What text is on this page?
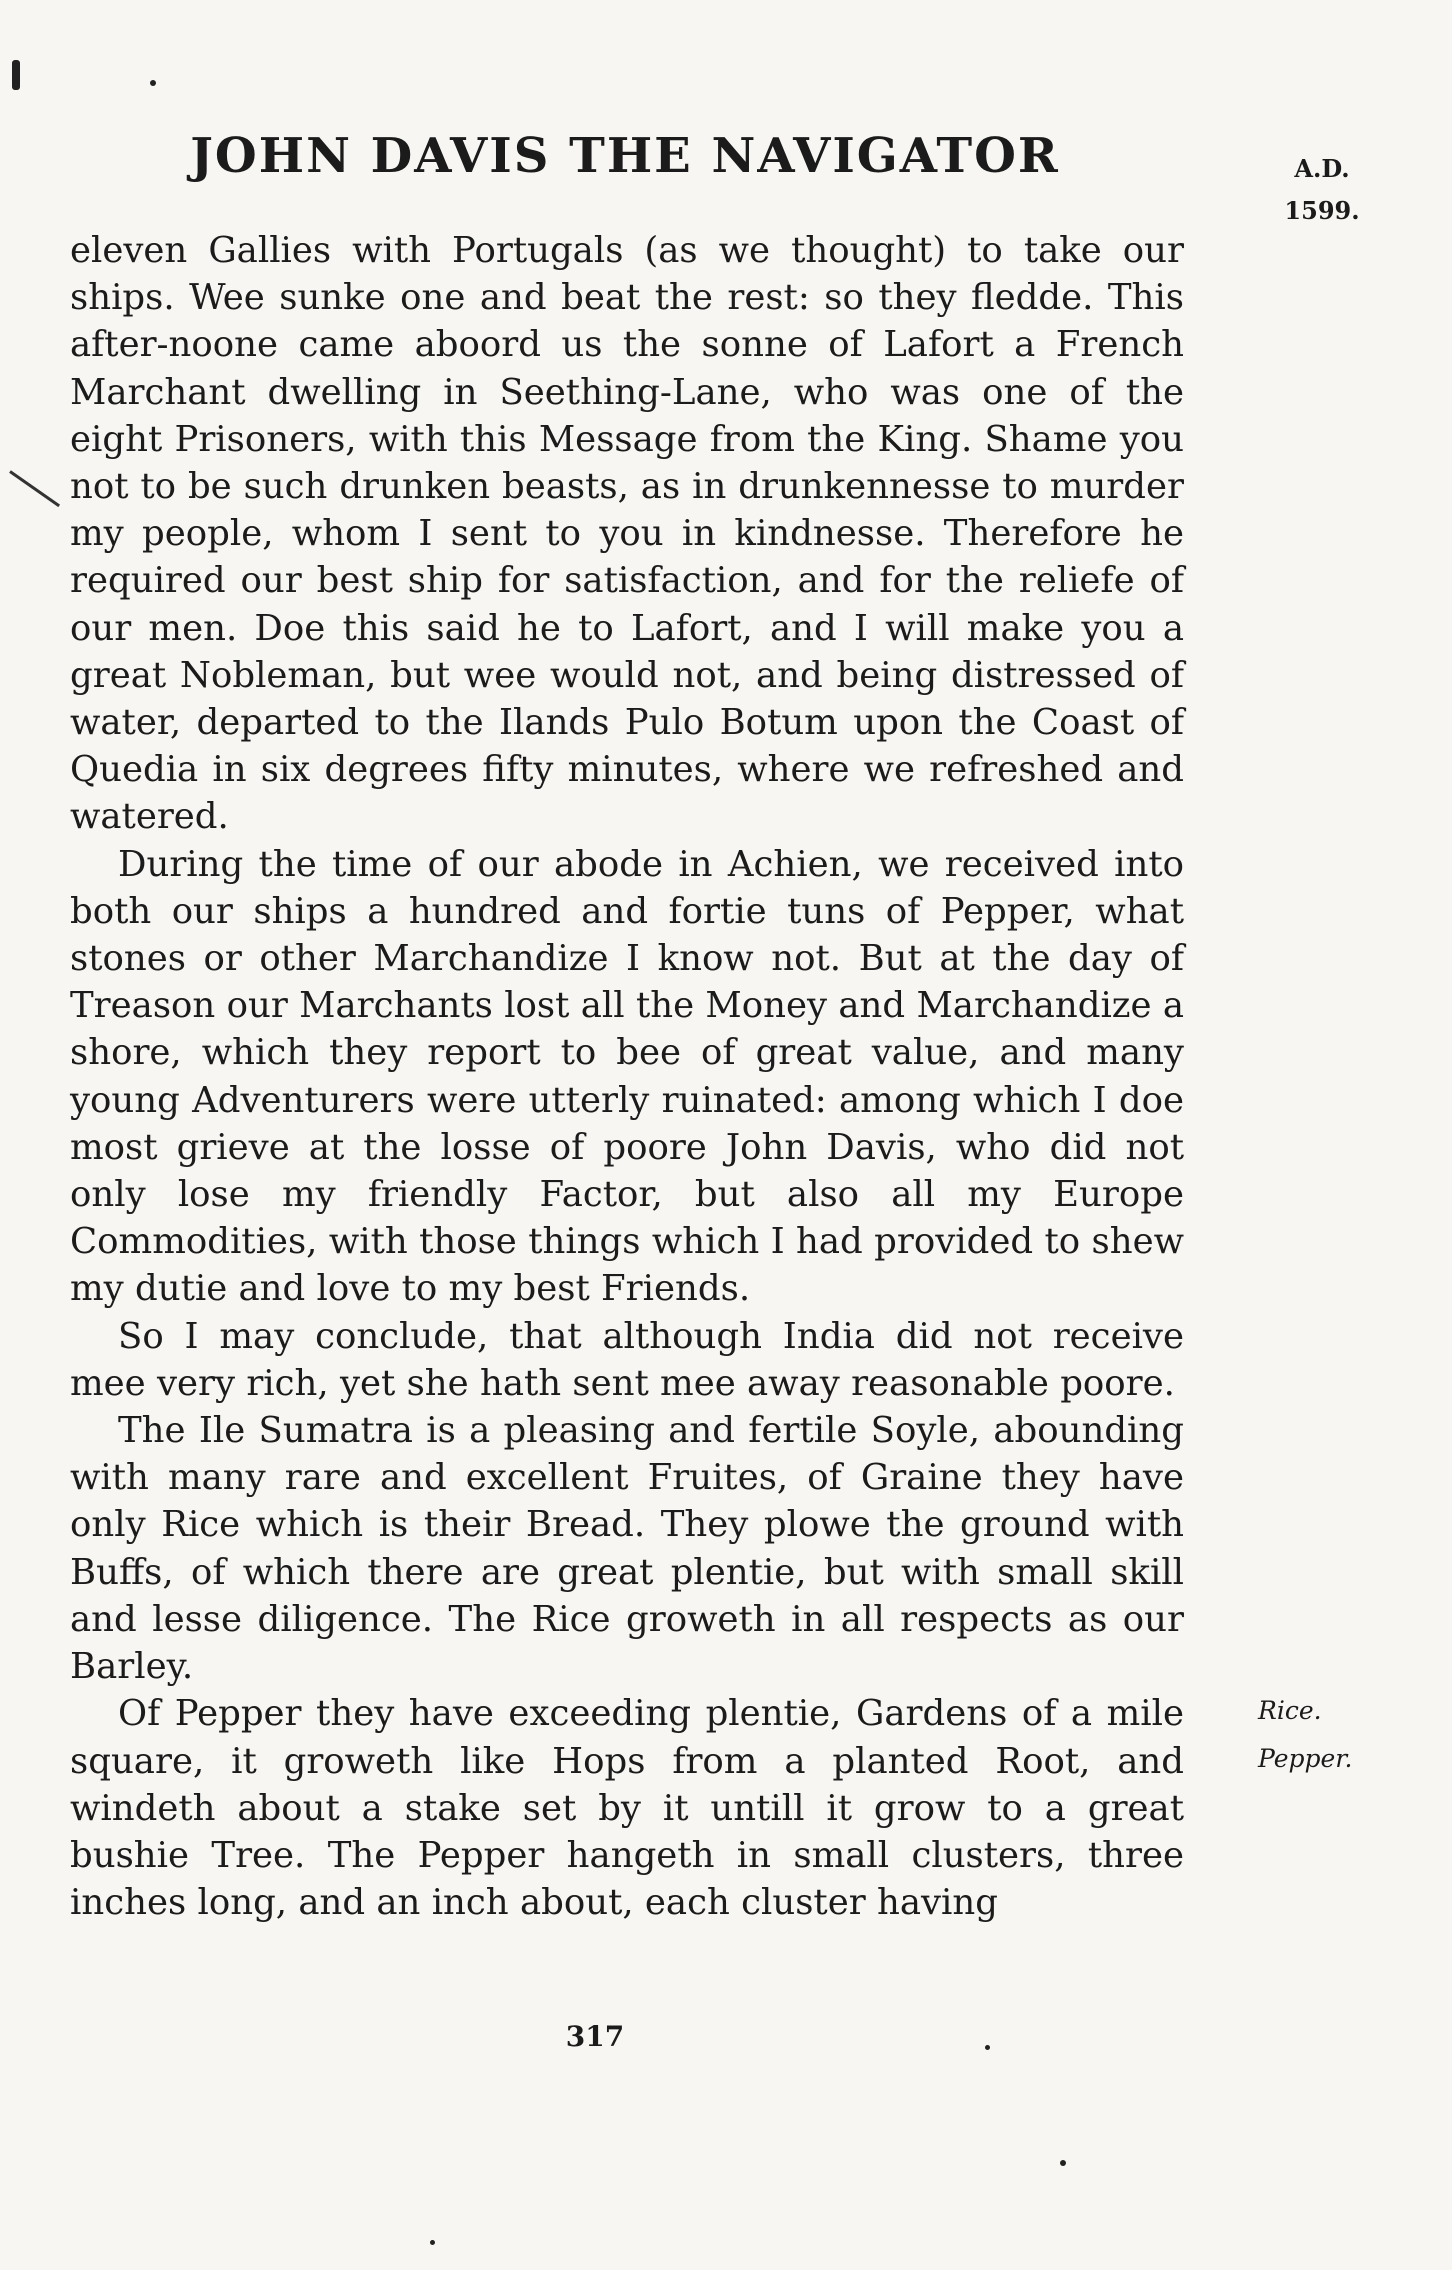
JOHN DAVIS THE NAVIGATOR	A.D.
1599.

eleven Gallies with Portugals (as we thought) to take our ships. Wee sunke one and beat the rest: so they fledde. This after-noone came aboord us the sonne of Lafort a French Marchant dwelling in Seething-Lane, who was one of the eight Prisoners, with this Message from the King. Shame you not to be such drunken beasts, as in drunkennesse to murder my people, whom I sent to you in kindnesse. Therefore he required our best ship for satisfaction, and for the reliefe of our men. Doe this said he to Lafort, and I will make you a great Nobleman, but wee would not, and being distressed of water, departed to the Ilands Pulo Botum upon the Coast of Quedia in six degrees fifty minutes, where we refreshed and watered.

During the time of our abode in Achien, we received into both our ships a hundred and fortie tuns of Pepper, what stones or other Marchandize I know not. But at the day of Treason our Marchants lost all the Money and Marchandize a shore, which they report to bee of great value, and many young Adventurers were utterly ruinated: among which I doe most grieve at the losse of poore John Davis, who did not only lose my friendly Factor, but also all my Europe Commodities, with those things which I had provided to shew my dutie and love to my best Friends.

So I may conclude, that although India did not receive mee very rich, yet she hath sent mee away reasonable poore.

The Ile Sumatra is a pleasing and fertile Soyle, abounding with many rare and excellent Fruites, of Graine they have only Rice which is their Bread. They plowe the ground with Buffs, of which there are great plentie, but with small skill and lesse diligence. The Rice groweth in all respects as our Barley.

Rice.
Pepper.

Of Pepper they have exceeding plentie, Gardens of a mile square, it groweth like Hops from a planted Root, and windeth about a stake set by it untill it grow to a great bushie Tree. The Pepper hangeth in small clusters, three inches long, and an inch about, each cluster having

317
